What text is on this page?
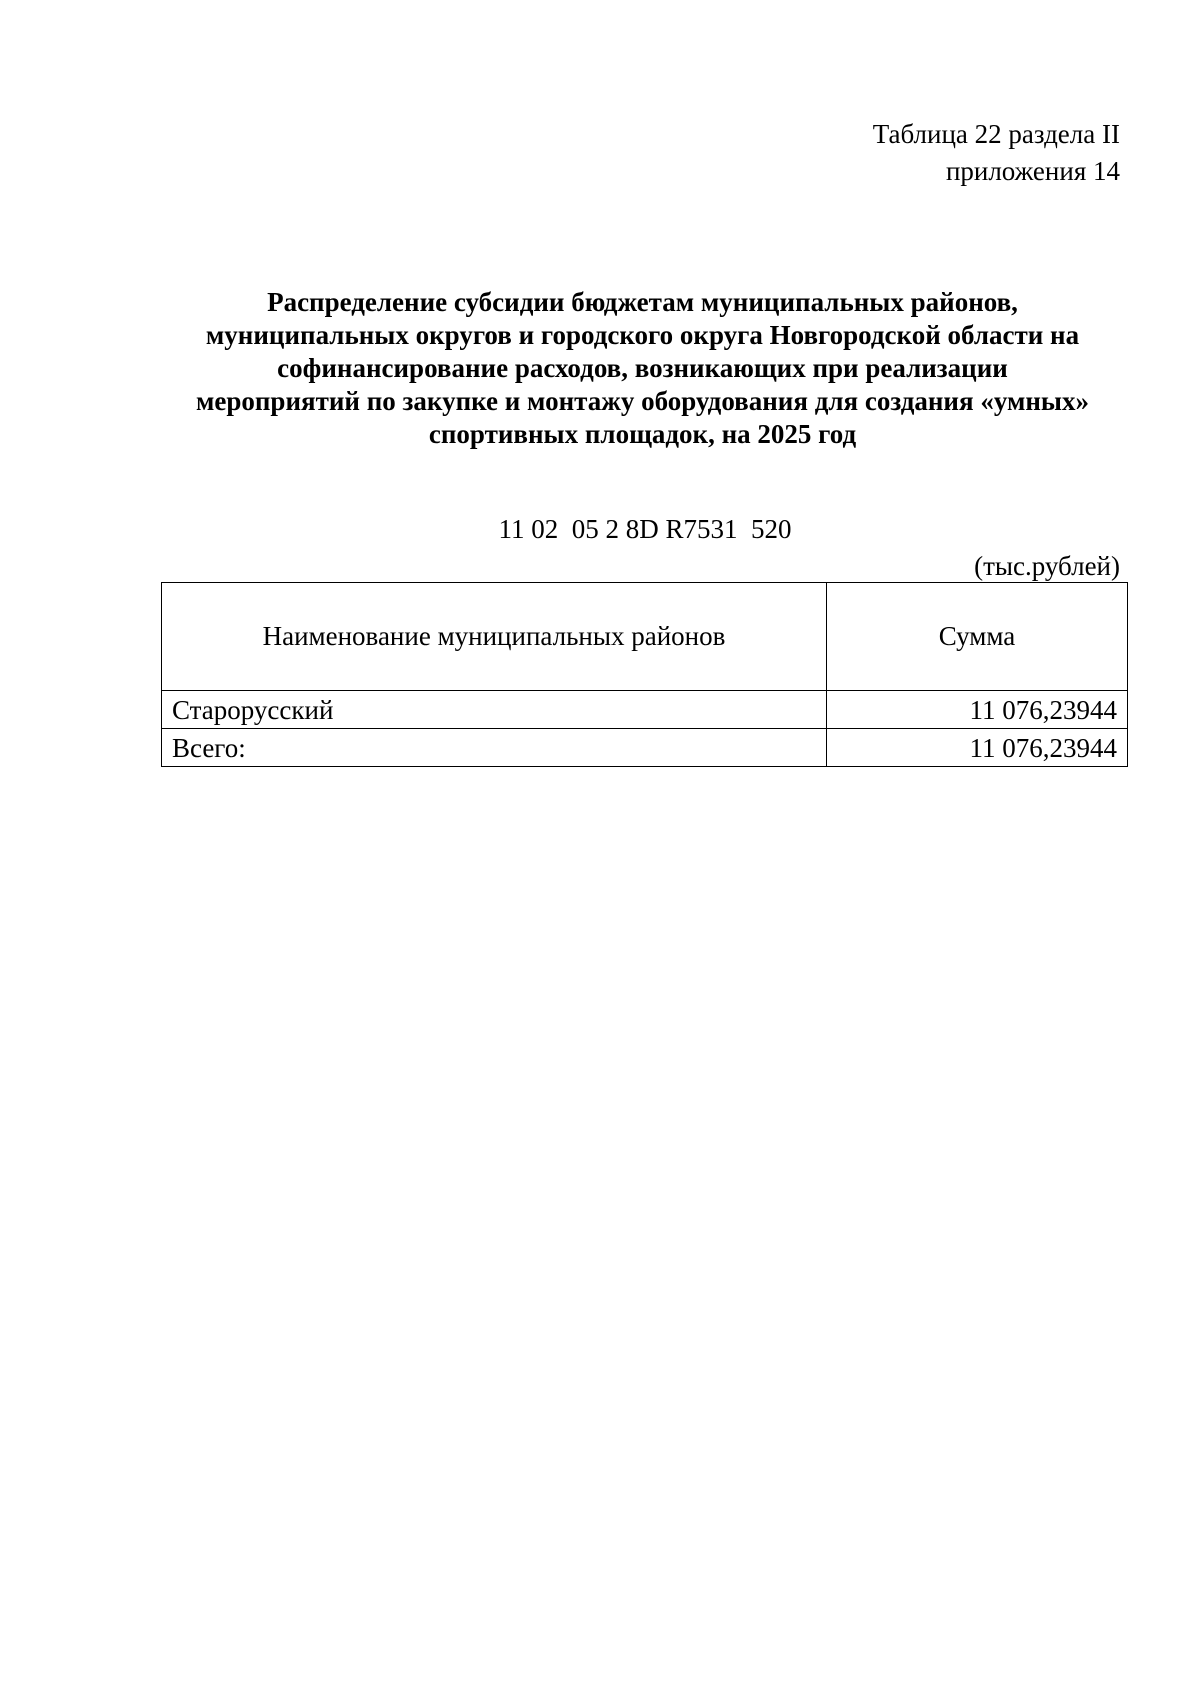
Таблица 22 раздела II
приложения 14
Распределение субсидии бюджетам муниципальных районов,
муниципальных округов и городского округа Новгородской области на
софинансирование расходов, возникающих при реализации
мероприятий по закупке и монтажу оборудования для создания «умных»
спортивных площадок, на 2025 год
11 02  05 2 8D R7531  520
(тыс.рублей)
Наименование муниципальных районов	Сумма
Старорусский	11 076,23944
Всего:	11 076,23944
